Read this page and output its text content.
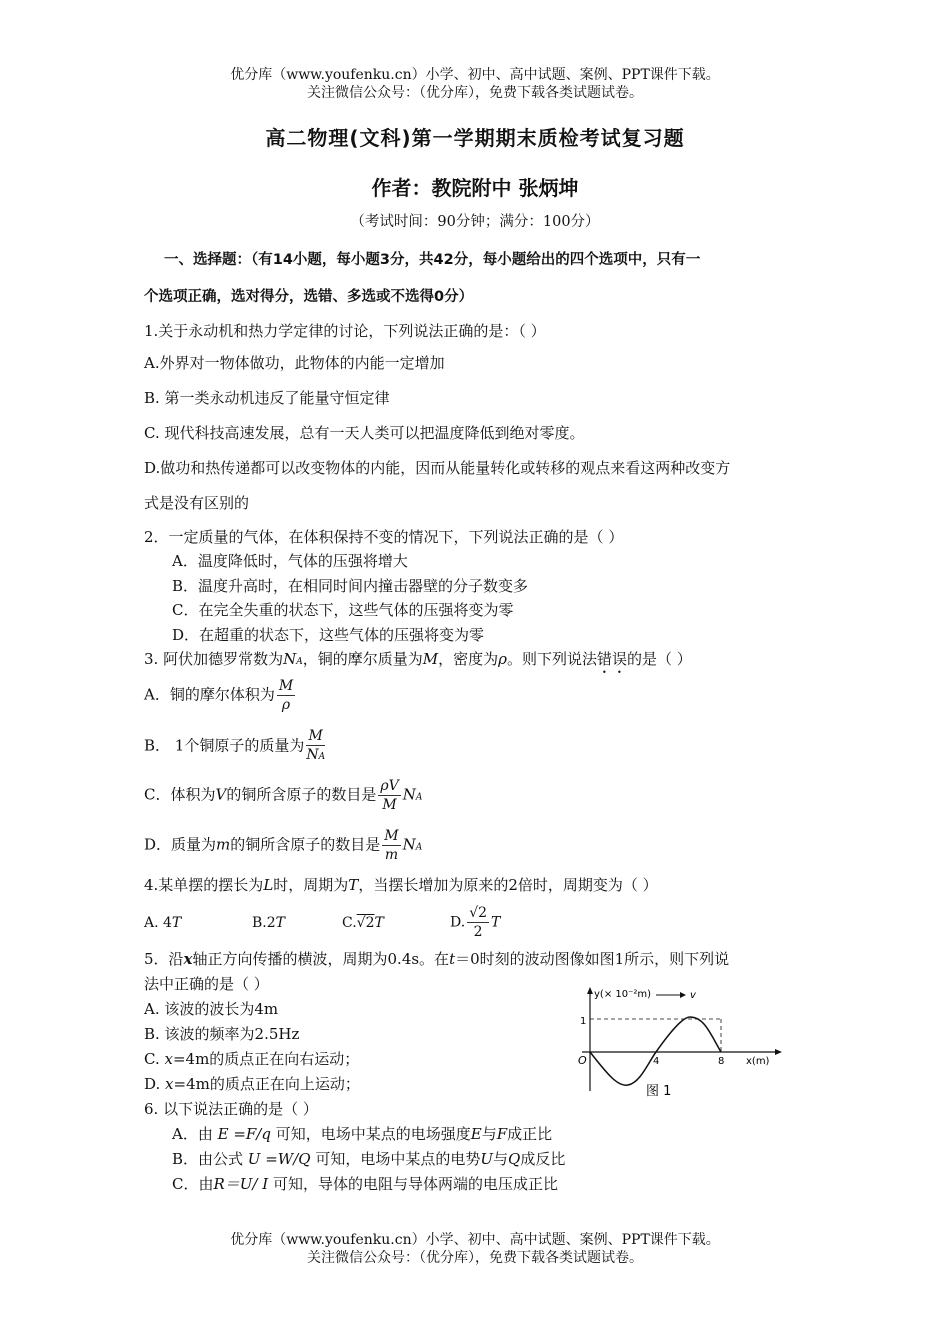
优分库（www.youfenku.cn）小学、初中、高中试题、案例、PPT课件下载。
关注微信公众号：（优分库），免费下载各类试题试卷。
高二物理(文科)第一学期期末质检考试复习题
作者：教院附中 张炳坤
（考试时间：90分钟；满分：100分）
一、选择题：（有14小题，每小题3分，共42分，每小题给出的四个选项中，只有一
个选项正确，选对得分，选错、多选或不选得0分）
1.关于永动机和热力学定律的讨论，下列说法正确的是：（ ）
A.外界对一物体做功，此物体的内能一定增加
B. 第一类永动机违反了能量守恒定律
C. 现代科技高速发展，总有一天人类可以把温度降低到绝对零度。
D.做功和热传递都可以改变物体的内能，因而从能量转化或转移的观点来看这两种改变方
式是没有区别的
2．一定质量的气体，在体积保持不变的情况下，下列说法正确的是（ ）
A．温度降低时，气体的压强将增大
B．温度升高时，在相同时间内撞击器壁的分子数变多
C．在完全失重的状态下，这些气体的压强将变为零
D．在超重的状态下，这些气体的压强将变为零
3. 阿伏加德罗常数为NA，铜的摩尔质量为M，密度为ρ。则下列说法错误的是（ ）
A．铜的摩尔体积为 $\frac{M}{\rho}$
B． 1个铜原子的质量为 $\frac{M}{NA}$
C．体积为V的铜所含原子的数目是 $\frac{\rho V}{M}$ NA
D．质量为m的铜所含原子的数目是 $\frac{M}{m}$ NA
4.某单摆的摆长为L时，周期为T，当摆长增加为原来的2倍时，周期变为（ ）
A. 4T	B.2T	C.√2T	D. $\frac{√2}{2}$ T
5．沿x轴正方向传播的横波，周期为0.4s。在t＝0时刻的波动图像如图1所示，则下列说
法中正确的是（ ）
A. 该波的波长为4m
B. 该波的频率为2.5Hz
C. x=4m的质点正在向右运动；
D. x=4m的质点正在向上运动；
y(× 10⁻²m)	v
1
O	4	8 x(m)
图 1
6. 以下说法正确的是（ ）
A．由 E =F/q 可知，电场中某点的电场强度E与F成正比
B．由公式 U =W/Q 可知，电场中某点的电势U与Q成反比
C．由R＝U/ I 可知，导体的电阻与导体两端的电压成正比
优分库（www.youfenku.cn）小学、初中、高中试题、案例、PPT课件下载。
关注微信公众号：（优分库），免费下载各类试题试卷。
